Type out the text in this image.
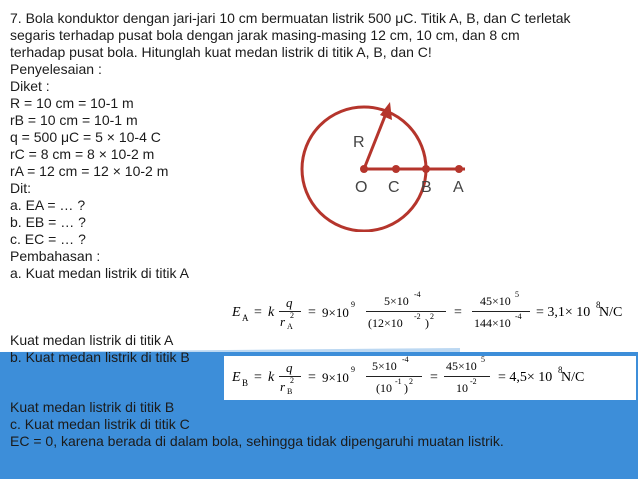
7. Bola konduktor dengan jari-jari 10 cm bermuatan listrik 500 μC. Titik A, B, dan C terletak
segaris terhadap pusat bola dengan jarak masing-masing 12 cm, 10 cm, dan 8 cm
terhadap pusat bola. Hitunglah kuat medan listrik di titik A, B, dan C!
Penyelesaian :
Diket :
R = 10 cm = 10-1 m
rB = 10 cm = 10-1 m
q = 500 μC = 5 × 10-4 C
rC = 8 cm = 8 × 10-2 m
rA = 12 cm = 12 × 10-2 m
Dit:
a. EA = … ?
b. EB = … ?
c. EC = … ?
Pembahasan :
a. Kuat medan listrik di titik A
Kuat medan listrik di titik A
b. Kuat medan listrik di titik B
Kuat medan listrik di titik B
c. Kuat medan listrik di titik C
EC = 0, karena berada di dalam bola, sehingga tidak dipengaruhi muatan listrik.
R
O C B A
E A = k
q
r A
2 = 9×10
9 5×10 -4
(12×10 -2 ) 2 =
45×10 5
144×10 -4 = 3,1× 10 8
N/C
E B = k
q
r B
2 = 9×10
9 5×10 -4
(10 -1 ) 2 =
45×10 5
10 -2 = 4,5× 10 8
N/C
